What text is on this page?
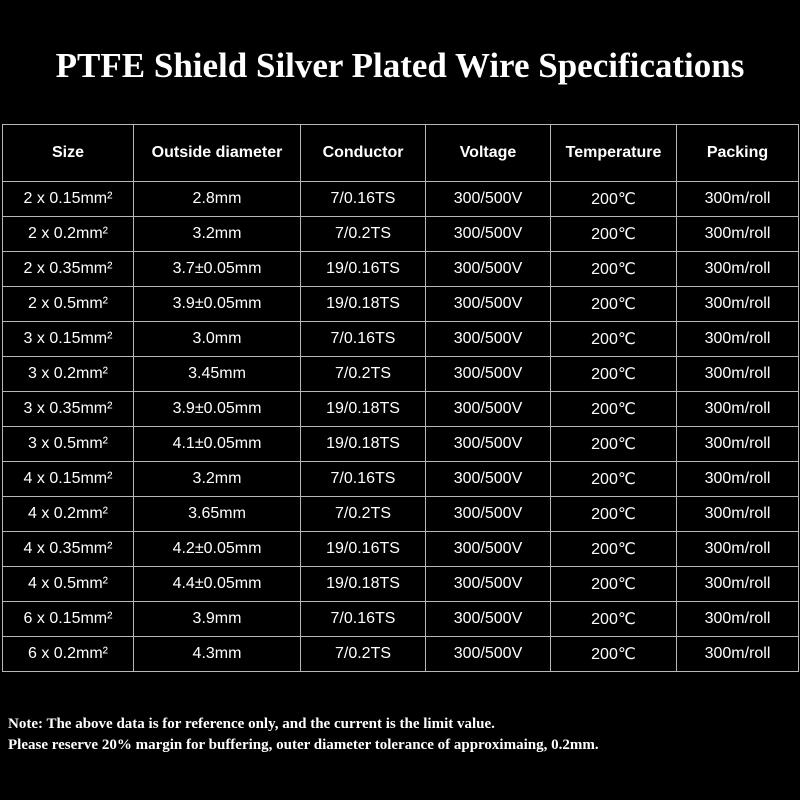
PTFE Shield Silver Plated Wire Specifications
Size	Outside diameter	Conductor	Voltage	Temperature	Packing
2 x 0.15mm²	2.8mm	7/0.16TS	300/500V	200℃	300m/roll
2 x 0.2mm²	3.2mm	7/0.2TS	300/500V	200℃	300m/roll
2 x 0.35mm²	3.7±0.05mm	19/0.16TS	300/500V	200℃	300m/roll
2 x 0.5mm²	3.9±0.05mm	19/0.18TS	300/500V	200℃	300m/roll
3 x 0.15mm²	3.0mm	7/0.16TS	300/500V	200℃	300m/roll
3 x 0.2mm²	3.45mm	7/0.2TS	300/500V	200℃	300m/roll
3 x 0.35mm²	3.9±0.05mm	19/0.18TS	300/500V	200℃	300m/roll
3 x 0.5mm²	4.1±0.05mm	19/0.18TS	300/500V	200℃	300m/roll
4 x 0.15mm²	3.2mm	7/0.16TS	300/500V	200℃	300m/roll
4 x 0.2mm²	3.65mm	7/0.2TS	300/500V	200℃	300m/roll
4 x 0.35mm²	4.2±0.05mm	19/0.16TS	300/500V	200℃	300m/roll
4 x 0.5mm²	4.4±0.05mm	19/0.18TS	300/500V	200℃	300m/roll
6 x 0.15mm²	3.9mm	7/0.16TS	300/500V	200℃	300m/roll
6 x 0.2mm²	4.3mm	7/0.2TS	300/500V	200℃	300m/roll
Note: The above data is for reference only, and the current is the limit value.
Please reserve 20% margin for buffering, outer diameter tolerance of approximaing, 0.2mm.
